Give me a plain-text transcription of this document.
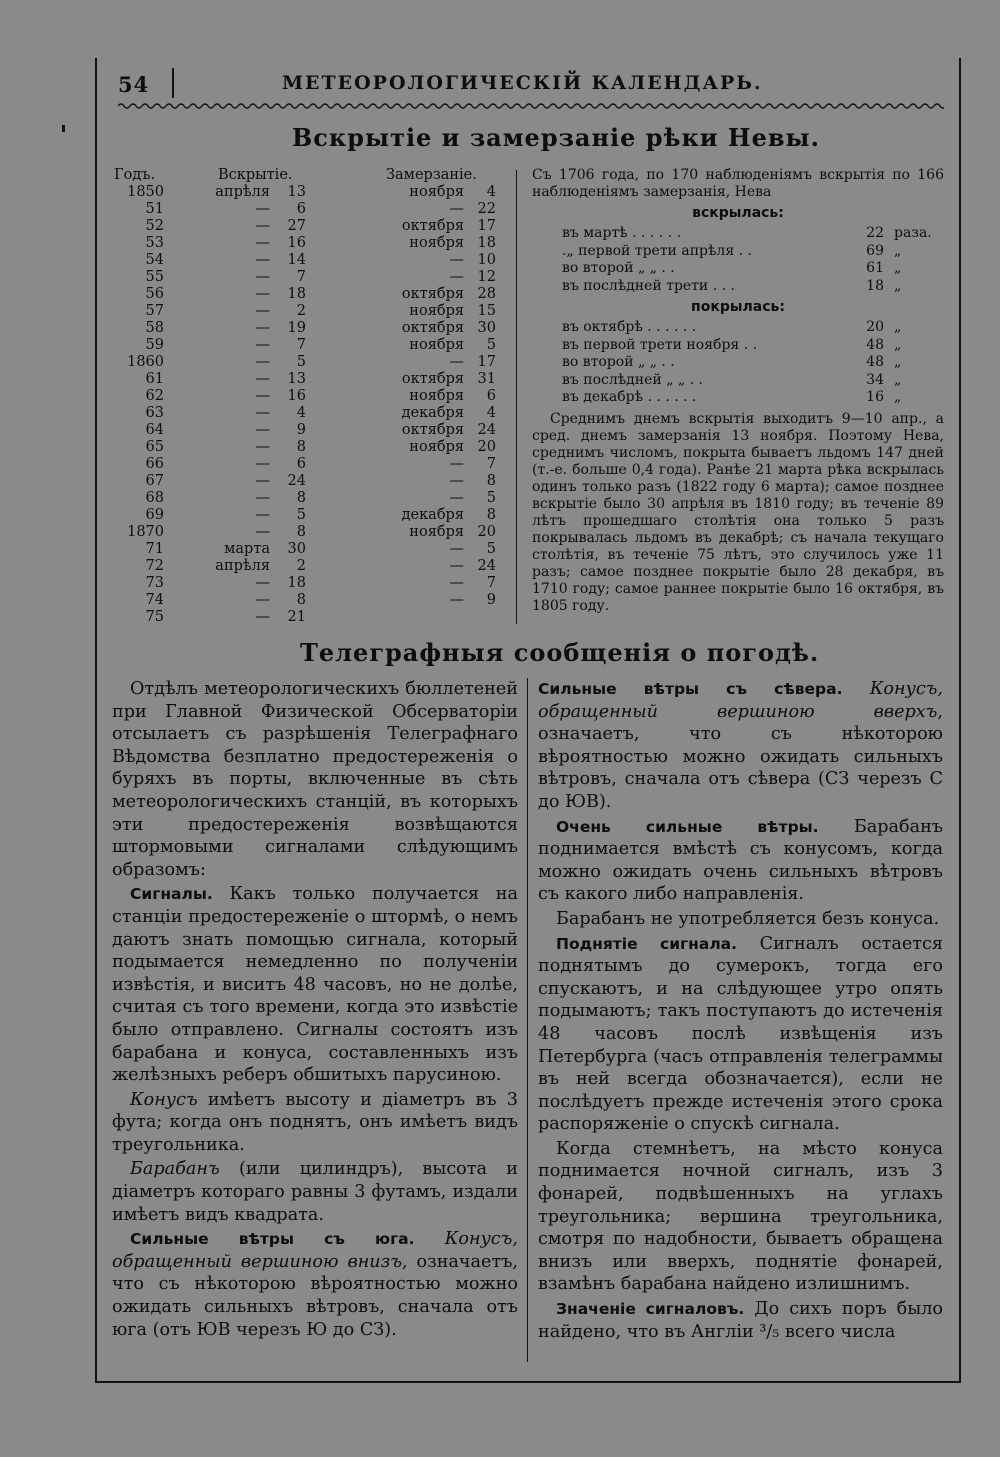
54	МЕТЕОРОЛОГИЧЕСКІЙ КАЛЕНДАРЬ.
Вскрытіе и замерзаніе рѣки Невы.
Годъ.	Вскрытіе.	Замерзаніе.
1850	апрѣля	13	ноября	4
51	—	6	— 22
52	—	27	октября 17
53	—	16	ноября 18
54	—	14	— 10
55	—	7	— 12
56	—	18	октября 28
57	—	2	ноября 15
58	—	19	октября 30
59	—	7	ноября	5
1860	—	5	— 17
61	—	13	октября 31
62	—	16	ноября	6
63	—	4	декабря	4
64	—	9	октября 24
65	—	8	ноября 20
66	—	6	—	7
67	—	24	—	8
68	—	8	—	5
69	—	5	декабря	8
1870	—	8	ноября 20
71	марта	30	—	5
72	апрѣля	2	— 24
73	—	18	—	7
74	—	8	—	9
75	—	21

Съ 1706 года, по 170 наблюденіямъ вскрытія по 166 наблюденіямъ замерзанія, Нева

вскрылась:
въ мартѣ . . . . . .	22 раза.
.„ первой трети апрѣля . .	69 „
во второй „ „ . .	61 „
въ послѣдней трети . . .	18 „
покрылась:
въ октябрѣ . . . . . .	20 „
въ первой трети ноября . .	48 „
во второй „ „ . .	48 „
въ послѣдней „ „ . .	34 „
въ декабрѣ . . . . . .	16 „

Среднимъ днемъ вскрытія выходитъ 9—10 апр., а сред. днемъ замерзанія 13 ноября. Поэтому Нева, среднимъ числомъ, покрыта бываетъ льдомъ 147 дней (т.-е. больше 0,4 года). Ранѣе 21 марта рѣка вскрылась одинъ только разъ (1822 году 6 марта); самое позднее вскрытіе было 30 апрѣля въ 1810 году; въ теченіе 89 лѣтъ прошедшаго столѣтія она только 5 разъ покрывалась льдомъ въ декабрѣ; съ начала текущаго столѣтія, въ теченіе 75 лѣтъ, это случилось уже 11 разъ; самое позднее покрытіе было 28 декабря, въ 1710 году; самое раннее покрытіе было 16 октября, въ 1805 году.

Телеграфныя сообщенія о погодѣ.

Отдѣлъ метеорологическихъ бюллетеней при Главной Физической Обсерваторіи отсылаетъ съ разрѣшенія Телеграфнаго Вѣдомства безплатно предостереженія о буряхъ въ порты, включенные въ сѣть метеорологическихъ станцій, въ которыхъ эти предостереженія возвѣщаются штормовыми сигналами слѣдующимъ образомъ:

Сигналы. Какъ только получается на станціи предостереженіе о штормѣ, о немъ даютъ знать помощью сигнала, который подымается немедленно по полученіи извѣстія, и виситъ 48 часовъ, но не долѣе, считая съ того времени, когда это извѣстіе было отправлено. Сигналы состоятъ изъ барабана и конуса, составленныхъ изъ желѣзныхъ реберъ обшитыхъ парусиною.

Конусъ имѣетъ высоту и діаметръ въ 3 фута; когда онъ поднятъ, онъ имѣетъ видъ треугольника.

Барабанъ (или цилиндръ), высота и діаметръ котораго равны 3 футамъ, издали имѣетъ видъ квадрата.

Сильные вѣтры съ юга. Конусъ, обращенный вершиною внизъ, означаетъ, что съ нѣкоторою вѣроятностью можно ожидать сильныхъ вѣтровъ, сначала отъ юга (отъ ЮВ черезъ Ю до СЗ).

Сильные вѣтры съ сѣвера. Конусъ, обращенный вершиною вверхъ, означаетъ, что съ нѣкоторою вѣроятностью можно ожидать сильныхъ вѣтровъ, сначала отъ сѣвера (СЗ черезъ С до ЮВ).

Очень сильные вѣтры. Барабанъ поднимается вмѣстѣ съ конусомъ, когда можно ожидать очень сильныхъ вѣтровъ съ какого либо направленія.

Барабанъ не употребляется безъ конуса.

Поднятіе сигнала. Сигналъ остается поднятымъ до сумерокъ, тогда его спускаютъ, и на слѣдующее утро опять подымаютъ; такъ поступаютъ до истеченія 48 часовъ послѣ извѣщенія изъ Петербурга (часъ отправленія телеграммы въ ней всегда обозначается), если не послѣдуетъ прежде истеченія этого срока распоряженіе о спускѣ сигнала.

Когда стемнѣетъ, на мѣсто конуса поднимается ночной сигналъ, изъ 3 фонарей, подвѣшенныхъ на углахъ треугольника; вершина треугольника, смотря по надобности, бываетъ обращена внизъ или вверхъ, поднятіе фонарей, взамѣнъ барабана найдено излишнимъ.

Значеніе сигналовъ. До сихъ поръ было найдено, что въ Англіи ³/₅ всего числа
